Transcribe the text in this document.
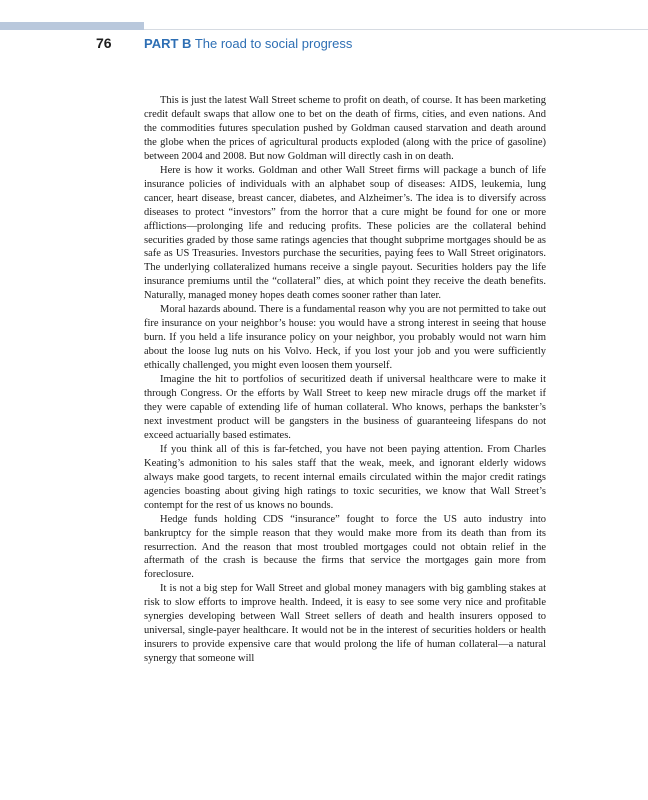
76 PART B The road to social progress

This is just the latest Wall Street scheme to profit on death, of course. It has been marketing credit default swaps that allow one to bet on the death of firms, cities, and even nations. And the commodities futures speculation pushed by Goldman caused starvation and death around the globe when the prices of agricultural products exploded (along with the price of gasoline) between 2004 and 2008. But now Goldman will directly cash in on death.

Here is how it works. Goldman and other Wall Street firms will package a bunch of life insurance policies of individuals with an alphabet soup of diseases: AIDS, leukemia, lung cancer, heart disease, breast cancer, diabetes, and Alzheimer’s. The idea is to diversify across diseases to protect “investors” from the horror that a cure might be found for one or more afflictions—prolonging life and reducing profits. These policies are the collateral behind securities graded by those same ratings agencies that thought subprime mortgages should be as safe as US Treasuries. Investors purchase the securities, paying fees to Wall Street originators. The underlying collateralized humans receive a single payout. Securities holders pay the life insurance premiums until the “collateral” dies, at which point they receive the death benefits. Naturally, managed money hopes death comes sooner rather than later.

Moral hazards abound. There is a fundamental reason why you are not permitted to take out fire insurance on your neighbor’s house: you would have a strong interest in seeing that house burn. If you held a life insurance policy on your neighbor, you probably would not warn him about the loose lug nuts on his Volvo. Heck, if you lost your job and you were sufficiently ethically challenged, you might even loosen them yourself.

Imagine the hit to portfolios of securitized death if universal healthcare were to make it through Congress. Or the efforts by Wall Street to keep new miracle drugs off the market if they were capable of extending life of human collateral. Who knows, perhaps the bankster’s next investment product will be gangsters in the business of guaranteeing lifespans do not exceed actuarially based estimates.

If you think all of this is far-fetched, you have not been paying attention. From Charles Keating’s admonition to his sales staff that the weak, meek, and ignorant elderly widows always make good targets, to recent internal emails circulated within the major credit ratings agencies boasting about giving high ratings to toxic securities, we know that Wall Street’s contempt for the rest of us knows no bounds.

Hedge funds holding CDS “insurance” fought to force the US auto industry into bankruptcy for the simple reason that they would make more from its death than from its resurrection. And the reason that most troubled mortgages could not obtain relief in the aftermath of the crash is because the firms that service the mortgages gain more from foreclosure.

It is not a big step for Wall Street and global money managers with big gambling stakes at risk to slow efforts to improve health. Indeed, it is easy to see some very nice and profitable synergies developing between Wall Street sellers of death and health insurers opposed to universal, single-payer healthcare. It would not be in the interest of securities holders or health insurers to provide expensive care that would prolong the life of human collateral—a natural synergy that someone will
